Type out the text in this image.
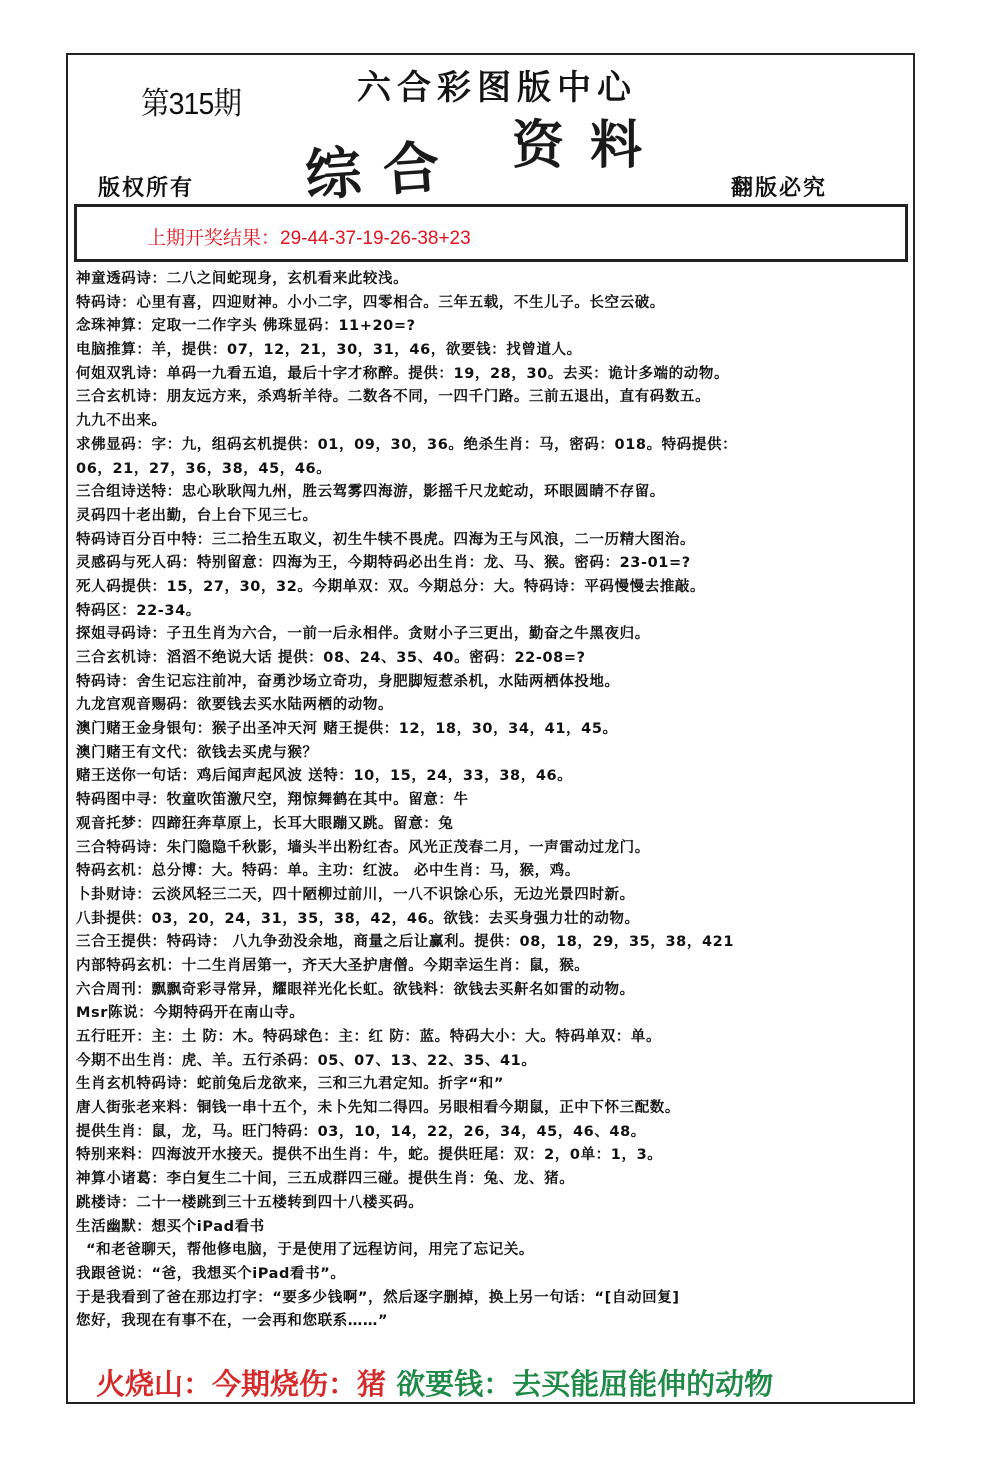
第315期	六合彩图版中心
综合 资料
版权所有	翻版必究
上期开奖结果：29-44-37-19-26-38+23
神童透码诗：二八之间蛇现身，玄机看来此较浅。
特码诗：心里有喜，四迎财神。小小二字，四零相合。三年五载，不生儿子。长空云破。
念珠神算：定取一二作字头 佛珠显码：11+20=?
电脑推算：羊，提供：07，12，21，30，31，46，欲要钱：找曾道人。
何姐双乳诗：单码一九看五追，最后十字才称醉。提供：19，28，30。去买：诡计多端的动物。
三合玄机诗：朋友远方来，杀鸡斩羊待。二数各不同，一四千门路。三前五退出，直有码数五。
九九不出来。
求佛显码：字：九，组码玄机提供：01，09，30，36。绝杀生肖：马，密码：018。特码提供：
06，21，27，36，38，45，46。
三合组诗送特：忠心耿耿闯九州，胜云驾雾四海游，影摇千尺龙蛇动，环眼圆睛不存留。
灵码四十老出勤，台上台下见三七。
特码诗百分百中特：三二拾生五取义，初生牛犊不畏虎。四海为王与风浪，二一历精大图治。
灵感码与死人码：特别留意：四海为王，今期特码必出生肖：龙、马、猴。密码：23-01=?
死人码提供：15，27，30，32。今期单双：双。今期总分：大。特码诗：平码慢慢去推敲。
特码区：22-34。
探姐寻码诗：子丑生肖为六合，一前一后永相伴。贪财小子三更出，勤奋之牛黑夜归。
三合玄机诗：滔滔不绝说大话 提供：08、24、35、40。密码：22-08=?
特码诗：舍生记忘注前冲，奋勇沙场立奇功，身肥脚短惹杀机，水陆两栖体投地。
九龙宫观音赐码：欲要钱去买水陆两栖的动物。
澳门赌王金身银句：猴子出圣冲天河 赌王提供：12，18，30，34，41，45。
澳门赌王有文代：欲钱去买虎与猴？
赌王送你一句话：鸡后闻声起风波 送特：10，15，24，33，38，46。
特码图中寻：牧童吹笛激尺空，翔惊舞鹤在其中。留意：牛
观音托梦：四蹄狂奔草原上，长耳大眼蹦又跳。留意：兔
三合特码诗：朱门隐隐千秋影，墙头半出粉红杏。风光正茂春二月，一声雷动过龙门。
特码玄机：总分博：大。特码：单。主功：红波。 必中生肖：马，猴，鸡。
卜卦财诗：云淡风轻三二天，四十陋柳过前川，一八不识馀心乐，无边光景四时新。
八卦提供：03，20，24，31，35，38，42，46。欲钱：去买身强力壮的动物。
三合王提供：特码诗： 八九争劲没余地，商量之后让赢利。提供：08，18，29，35，38，421
内部特码玄机：十二生肖居第一，齐天大圣护唐僧。今期幸运生肖：鼠，猴。
六合周刊：飘飘奇彩寻常异，耀眼祥光化长虹。欲钱料：欲钱去买鼾名如雷的动物。
Msr陈说：今期特码开在南山寺。
五行旺开：主：土 防：木。特码球色：主：红 防：蓝。特码大小：大。特码单双：单。
今期不出生肖：虎、羊。五行杀码：05、07、13、22、35、41。
生肖玄机特码诗：蛇前兔后龙欲来，三和三九君定知。折字“和”
唐人街张老来料：铜钱一串十五个，未卜先知二得四。另眼相看今期鼠，正中下怀三配数。
提供生肖：鼠，龙，马。旺门特码：03，10，14，22，26，34，45，46、48。
特别来料：四海波开水接天。提供不出生肖：牛，蛇。提供旺尾：双：2，0单：1，3。
神算小诸葛：李白复生二十间，三五成群四三碰。提供生肖：兔、龙、猪。
跳楼诗：二十一楼跳到三十五楼转到四十八楼买码。
生活幽默：想买个iPad看书
“和老爸聊天，帮他修电脑，于是使用了远程访问，用完了忘记关。
我跟爸说：“爸，我想买个iPad看书”。
于是我看到了爸在那边打字：“要多少钱啊”，然后逐字删掉，换上另一句话：“[自动回复]
您好，我现在有事不在，一会再和您联系……”
火烧山：今期烧伤：猪 欲要钱：去买能屈能伸的动物
